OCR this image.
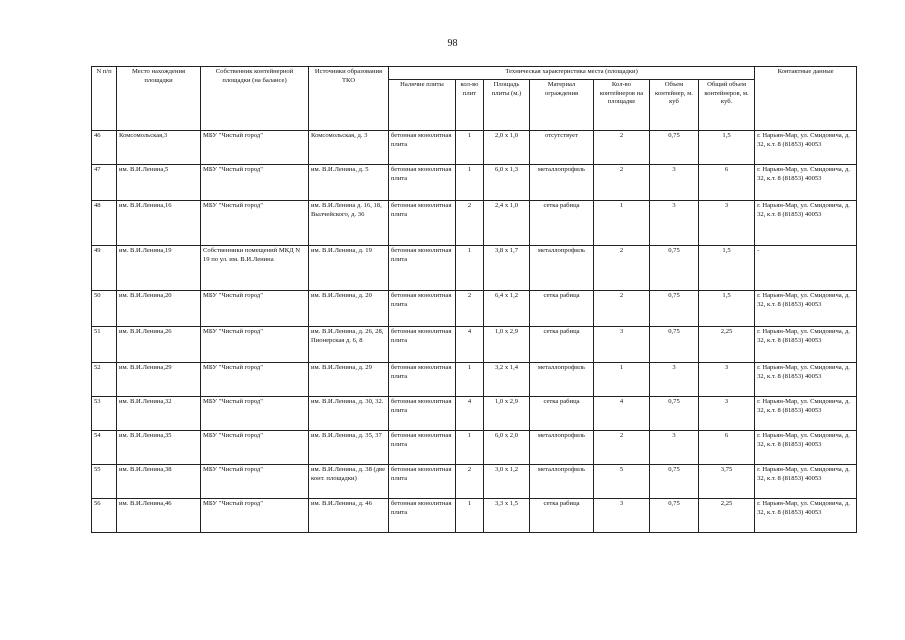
98
N п/п	Место нахождения площадки	Собственник контейнерной площадки (на балансе)	Источники образования ТКО	Техническая характеристика места (площадки)							Контактные данные
				Наличие плиты	кол-во плит	Площадь плиты (м.)	Материал ограждения	Кол-во контейнеров на площадке	Объем контейнер, м. куб	Общий объем контейнеров, м. куб.	
46	Комсомольская,3	МБУ "Чистый город"	Комсомольская, д. 3	бетонная монолитная плита	1	2,0 х 1,0	отсутствует	2	0,75	1,5	г. Нарьян-Мар, ул. Смидовича, д. 32, к.т. 8 (81853) 40053
47	им. В.И.Ленина,5	МБУ "Чистый город"	им. В.И.Ленина, д. 5	бетонная монолитная плита	1	6,0 х 1,3	металлопрофиль	2	3	6	г. Нарьян-Мар, ул. Смидовича, д. 32, к.т. 8 (81853) 40053
48	им. В.И.Ленина,16	МБУ "Чистый город"	им. В.И.Ленина д. 16, 18, Вылчейского, д. 36	бетонная монолитная плита	2	2,4 х 1,0	сетка рабица	1	3	3	г. Нарьян-Мар, ул. Смидовича, д. 32, к.т. 8 (81853) 40053
49	им. В.И.Ленина,19	Собственники помещений МКД N 19 по ул. им. В.И.Ленина	им. В.И.Ленина, д. 19	бетонная монолитная плита	1	3,8 х 1,7	металлопрофиль	2	0,75	1,5	-
50	им. В.И.Ленина,20	МБУ "Чистый город"	им. В.И.Ленина, д. 20	бетонная монолитная плита	2	6,4 х 1,2	сетка рабица	2	0,75	1,5	г. Нарьян-Мар, ул. Смидовича, д. 32, к.т. 8 (81853) 40053
51	им. В.И.Ленина,26	МБУ "Чистый город"	им. В.И.Ленина, д. 26, 28, Пионерская д. 6, 8	бетонная монолитная плита	4	1,0 х 2,9	сетка рабица	3	0,75	2,25	г. Нарьян-Мар, ул. Смидовича, д. 32, к.т. 8 (81853) 40053
52	им. В.И.Ленина,29	МБУ "Чистый город"	им. В.И.Ленина, д. 29	бетонная монолитная плита	1	3,2 х 1,4	металлопрофиль	1	3	3	г. Нарьян-Мар, ул. Смидовича, д. 32, к.т. 8 (81853) 40053
53	им. В.И.Ленина,32	МБУ "Чистый город"	им. В.И.Ленина, д. 30, 32.	бетонная монолитная плита	4	1,0 х 2,9	сетка рабица	4	0,75	3	г. Нарьян-Мар, ул. Смидовича, д. 32, к.т. 8 (81853) 40053
54	им. В.И.Ленина,35	МБУ "Чистый город"	им. В.И.Ленина, д. 35, 37	бетонная монолитная плита	1	6,0 х 2,0	металлопрофиль	2	3	6	г. Нарьян-Мар, ул. Смидовича, д. 32, к.т. 8 (81853) 40053
55	им. В.И.Ленина,38	МБУ "Чистый город"	им. В.И.Ленина, д. 38 (две конт. площадки)	бетонная монолитная плита	2	3,0 х 1,2	металлопрофиль	5	0,75	3,75	г. Нарьян-Мар, ул. Смидовича, д. 32, к.т. 8 (81853) 40053
56	им. В.И.Ленина,46	МБУ "Чистый город"	им. В.И.Ленина, д. 46	бетонная монолитная плита	1	3,3 х 1,5	сетка рабица	3	0,75	2,25	г. Нарьян-Мар, ул. Смидовича, д. 32, к.т. 8 (81853) 40053
